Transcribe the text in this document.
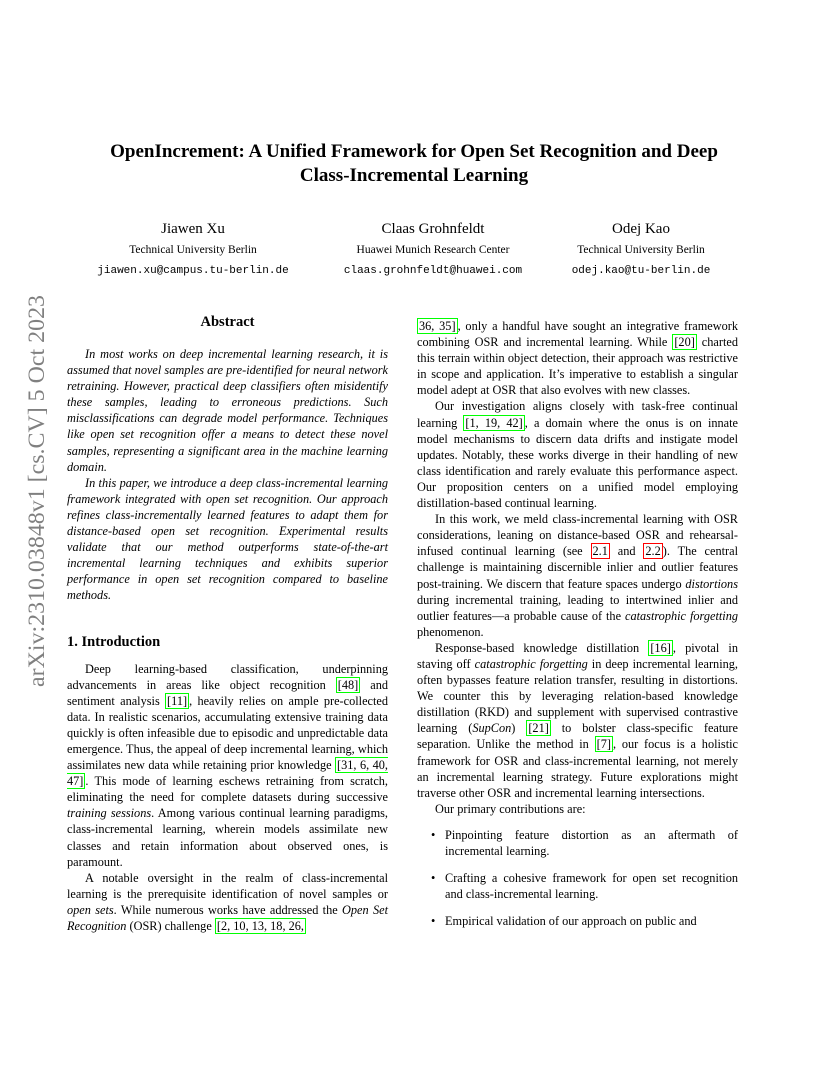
arXiv:2310.03848v1 [cs.CV] 5 Oct 2023
OpenIncrement: A Unified Framework for Open Set Recognition and Deep
Class-Incremental Learning
Jiawen Xu
Technical University Berlin
jiawen.xu@campus.tu-berlin.de
Claas Grohnfeldt
Huawei Munich Research Center
claas.grohnfeldt@huawei.com
Odej Kao
Technical University Berlin
odej.kao@tu-berlin.de
Abstract

In most works on deep incremental learning research, it is assumed that novel samples are pre-identified for neural network retraining. However, practical deep classifiers often misidentify these samples, leading to erroneous predictions. Such misclassifications can degrade model performance. Techniques like open set recognition offer a means to detect these novel samples, representing a significant area in the machine learning domain.

In this paper, we introduce a deep class-incremental learning framework integrated with open set recognition. Our approach refines class-incrementally learned features to adapt them for distance-based open set recognition. Experimental results validate that our method outperforms state-of-the-art incremental learning techniques and exhibits superior performance in open set recognition compared to baseline methods.

1. Introduction

Deep learning-based classification, underpinning advancements in areas like object recognition [48] and sentiment analysis [11] , heavily relies on ample pre-collected data. In realistic scenarios, accumulating extensive training data quickly is often infeasible due to episodic and unpredictable data emergence. Thus, the appeal of deep incremental learning, which assimilates new data while retaining prior knowledge [31, 6, 40, 47] . This mode of learning eschews retraining from scratch, eliminating the need for complete datasets during successive training sessions. Among various continual learning paradigms, class-incremental learning, wherein models assimilate new classes and retain information about observed ones, is paramount.

A notable oversight in the realm of class-incremental learning is the prerequisite identification of novel samples or open sets. While numerous works have addressed the Open Set Recognition (OSR) challenge [2, 10, 13, 18, 26,

36, 35] , only a handful have sought an integrative framework combining OSR and incremental learning. While [20] charted this terrain within object detection, their approach was restrictive in scope and application. It’s imperative to establish a singular model adept at OSR that also evolves with new classes.

Our investigation aligns closely with task-free continual learning [1, 19, 42] , a domain where the onus is on innate model mechanisms to discern data drifts and instigate model updates. Notably, these works diverge in their handling of new class identification and rarely evaluate this performance aspect. Our proposition centers on a unified model employing distillation-based continual learning.

In this work, we meld class-incremental learning with OSR considerations, leaning on distance-based OSR and rehearsal-infused continual learning (see 2.1 and 2.2 ). The central challenge is maintaining discernible inlier and outlier features post-training. We discern that feature spaces undergo distortions during incremental training, leading to intertwined inlier and outlier features—a probable cause of the catastrophic forgetting phenomenon.

Response-based knowledge distillation [16] , pivotal in staving off catastrophic forgetting in deep incremental learning, often bypasses feature relation transfer, resulting in distortions. We counter this by leveraging relation-based knowledge distillation (RKD) and supplement with supervised contrastive learning (SupCon) [21] to bolster class-specific feature separation. Unlike the method in [7] , our focus is a holistic framework for OSR and class-incremental learning, not merely an incremental learning strategy. Future explorations might traverse other OSR and incremental learning intersections.

Our primary contributions are:

• Pinpointing feature distortion as an aftermath of incremental learning.
• Crafting a cohesive framework for open set recognition and class-incremental learning.
• Empirical validation of our approach on public and
